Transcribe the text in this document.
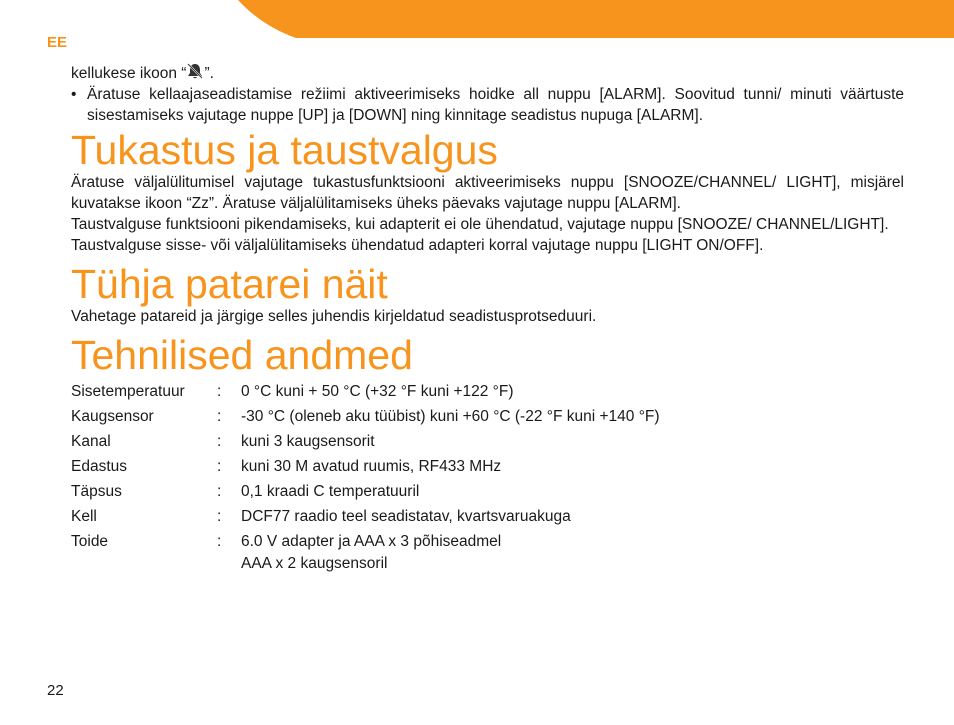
EE

kellukese ikoon “ ”.

• Äratuse kellaajaseadistamise režiimi aktiveerimiseks hoidke all nuppu [ALARM]. Soovitud tunni/ minuti väärtuste sisestamiseks vajutage nuppe [UP] ja [DOWN] ning kinnitage seadistus nupuga [ALARM].

Tukastus ja taustvalgus

Äratuse väljalülitumisel vajutage tukastusfunktsiooni aktiveerimiseks nuppu [SNOOZE/CHANNEL/ LIGHT], misjärel kuvatakse ikoon “Zz”. Äratuse väljalülitamiseks üheks päevaks vajutage nuppu [ALARM].

Taustvalguse funktsiooni pikendamiseks, kui adapterit ei ole ühendatud, vajutage nuppu [SNOOZE/ CHANNEL/LIGHT].

Taustvalguse sisse- või väljalülitamiseks ühendatud adapteri korral vajutage nuppu [LIGHT ON/OFF].

Tühja patarei näit

Vahetage patareid ja järgige selles juhendis kirjeldatud seadistusprotseduuri.

Tehnilised andmed
Sisetemperatuur	:	0 °C kuni + 50 °C (+32 °F kuni +122 °F)
Kaugsensor	:	-30 °C (oleneb aku tüübist) kuni +60 °C (-22 °F kuni +140 °F)
Kanal	:	kuni 3 kaugsensorit
Edastus	:	kuni 30 M avatud ruumis, RF433 MHz
Täpsus	:	0,1 kraadi C temperatuuril
Kell	:	DCF77 raadio teel seadistatav, kvartsvaruakuga
Toide	:	6.0 V adapter ja AAA x 3 põhiseadmel
AAA x 2 kaugsensoril
22
